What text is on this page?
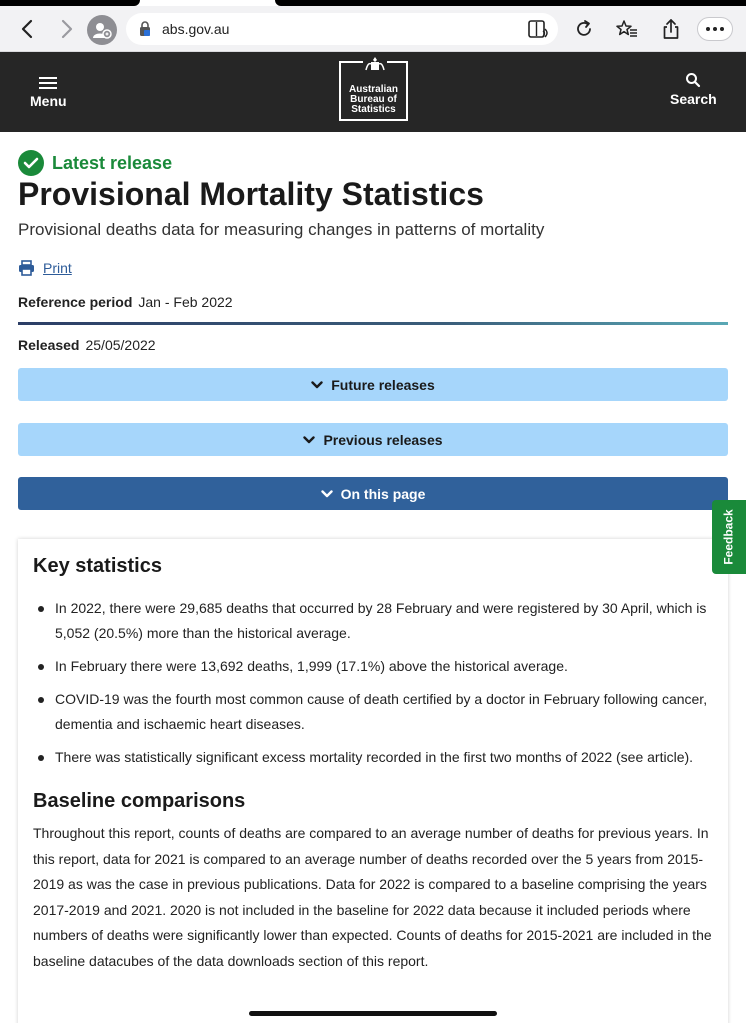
abs.gov.au
Menu
Australian
Bureau of
Statistics
Search
Latest release
Provisional Mortality Statistics
Provisional deaths data for measuring changes in patterns of mortality
Print
Reference period Jan - Feb 2022
Released 25/05/2022
Future releases
Previous releases
On this page
Key statistics
In 2022, there were 29,685 deaths that occurred by 28 February and were registered by 30 April, which is 5,052 (20.5%) more than the historical average.
In February there were 13,692 deaths, 1,999 (17.1%) above the historical average.
COVID-19 was the fourth most common cause of death certified by a doctor in February following cancer, dementia and ischaemic heart diseases.
There was statistically significant excess mortality recorded in the first two months of 2022 (see article).
Baseline comparisons

Throughout this report, counts of deaths are compared to an average number of deaths for previous years. In this report, data for 2021 is compared to an average number of deaths recorded over the 5 years from 2015-2019 as was the case in previous publications. Data for 2022 is compared to a baseline comprising the years 2017-2019 and 2021. 2020 is not included in the baseline for 2022 data because it included periods where numbers of deaths were significantly lower than expected. Counts of deaths for 2015-2021 are included in the baseline datacubes of the data downloads section of this report.

Feedback
